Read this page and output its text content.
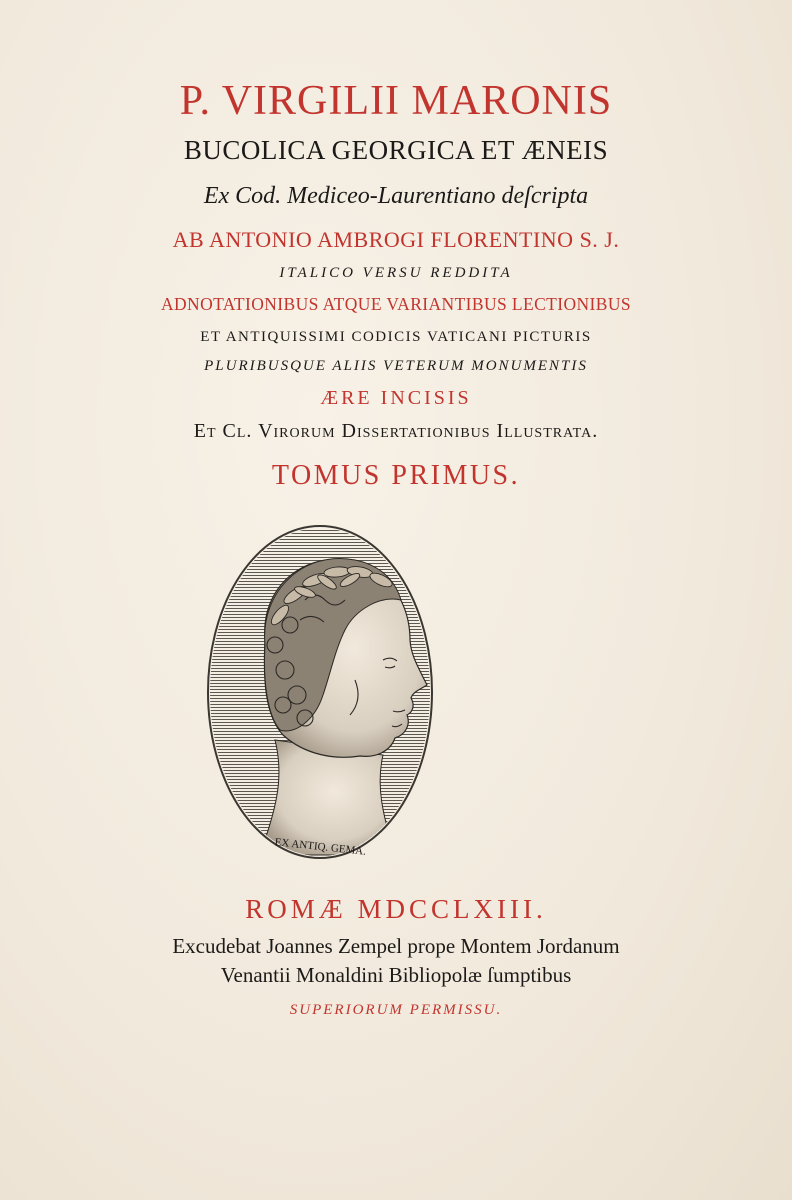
P. VIRGILII MARONIS
BUCOLICA GEORGICA ET ÆNEIS
Ex Cod. Mediceo-Laurentiano deſcripta
AB ANTONIO AMBROGI FLORENTINO S. J.
ITALICO VERSU REDDITA
ADNOTATIONIBUS ATQUE VARIANTIBUS LECTIONIBUS
ET ANTIQUISSIMI CODICIS VATICANI PICTURIS
PLURIBUSQUE ALIIS VETERUM MONUMENTIS
ÆRE INCISIS
Et Cl. Virorum Dissertationibus Illustrata.
TOMUS PRIMUS.
EX ANTIQ. GEMA.
ROMÆ MDCCLXIII.
Excudebat Joannes Zempel prope Montem Jordanum
Venantii Monaldini Bibliopolæ ſumptibus
SUPERIORUM PERMISSU.
